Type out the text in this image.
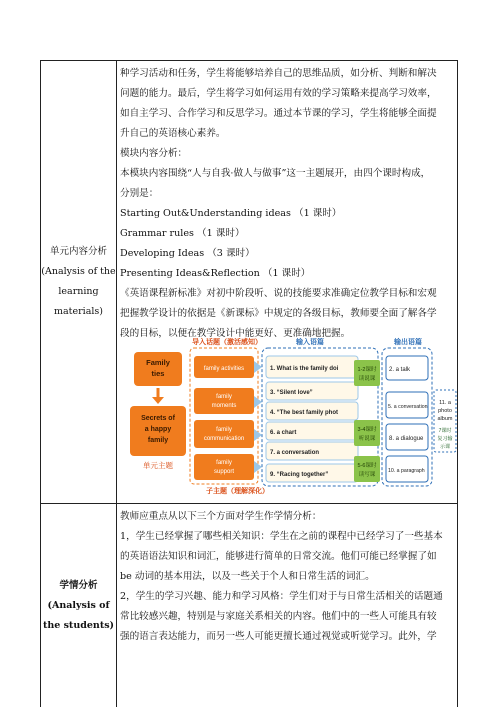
单元内容分析
(Analysis of the
learning
materials)

种学习活动和任务，学生将能够培养自己的思维品质，如分析、判断和解决

问题的能力。最后，学生将学习如何运用有效的学习策略来提高学习效率，

如自主学习、合作学习和反思学习。通过本节课的学习，学生将能够全面提

升自己的英语核心素养。

模块内容分析：

本模块内容围绕“人与自我·做人与做事”这一主题展开，由四个课时构成，

分别是：

Starting Out&Understanding ideas （1 课时）

Grammar rules （1 课时）

Developing Ideas （3 课时）

Presenting Ideas&Reflection （1 课时）

《英语课程新标准》对初中阶段听、说的技能要求准确定位教学目标和宏观

把握教学设计的依据是《新课标》中规定的各级目标，教师要全面了解各学

段的目标，以便在教学设计中能更好、更准确地把握。

Family
ties
Secrets of
a happy
family
单元主题
导入话题（激活感知）
子主题（理解深化）
family activities
family
moments
family
communication
family
support
输入语篇
1. What is the family doi
3. “Silent love”
4. “The best family phot
6. a chart
7. a conversation
9. “Racing together”
1-2课时
读说课
3-4课时
听说课
5-6课时
读写课
输出语篇
2. a talk
5. a conversation
8. a dialogue
10. a paragraph
11. a
photo
album
7课时
复习输
示课
学情分析
(Analysis of
the students)

教师应重点从以下三个方面对学生作学情分析：

1，学生已经掌握了哪些相关知识：学生在之前的课程中已经学习了一些基本

的英语语法知识和词汇，能够进行简单的日常交流。他们可能已经掌握了如

be 动词的基本用法，以及一些关于个人和日常生活的词汇。

2，学生的学习兴趣、能力和学习风格：学生们对于与日常生活相关的话题通

常比较感兴趣，特别是与家庭关系相关的内容。他们中的一些人可能具有较

强的语言表达能力，而另一些人可能更擅长通过视觉或听觉学习。此外，学
